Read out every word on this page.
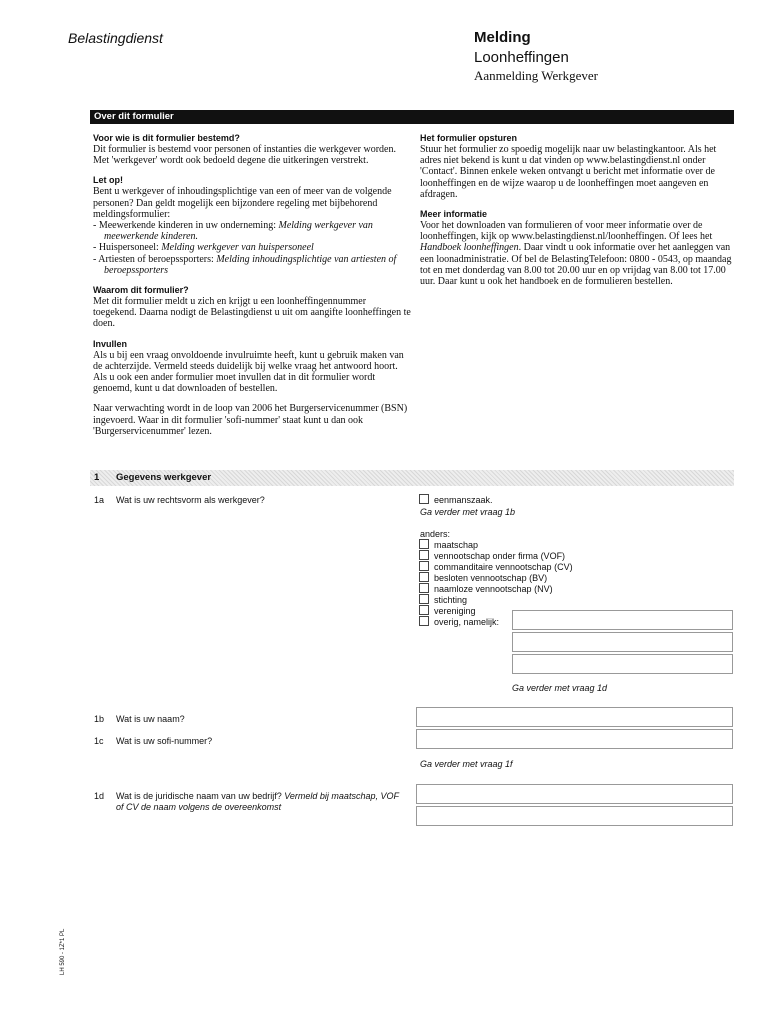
Belastingdienst	Melding
Loonheffingen
Aanmelding Werkgever
Over dit formulier
Voor wie is dit formulier bestemd?

Dit formulier is bestemd voor personen of instanties die werkgever worden. Met 'werkgever' wordt ook bedoeld degene die uitkeringen verstrekt.

Let op!

Bent u werkgever of inhoudingsplichtige van een of meer van de volgende personen? Dan geldt mogelijk een bijzondere regeling met bijbehorend meldingsformulier:

- Meewerkende kinderen in uw onderneming: Melding werkgever van meewerkende kinderen.
- Huispersoneel: Melding werkgever van huispersoneel
- Artiesten of beroepssporters: Melding inhoudingsplichtige van artiesten of beroepssporters
Waarom dit formulier?

Met dit formulier meldt u zich en krijgt u een loonheffingennummer toegekend. Daarna nodigt de Belastingdienst u uit om aangifte loonheffingen te doen.

Invullen

Als u bij een vraag onvoldoende invulruimte heeft, kunt u gebruik maken van de achterzijde. Vermeld steeds duidelijk bij welke vraag het antwoord hoort. Als u ook een ander formulier moet invullen dat in dit formulier wordt genoemd, kunt u dat downloaden of bestellen.

Naar verwachting wordt in de loop van 2006 het Burgerservicenummer (BSN) ingevoerd. Waar in dit formulier 'sofi-nummer' staat kunt u dan ook 'Burgerservicenummer' lezen.

Het formulier opsturen

Stuur het formulier zo spoedig mogelijk naar uw belastingkantoor. Als het adres niet bekend is kunt u dat vinden op www.belastingdienst.nl onder 'Contact'. Binnen enkele weken ontvangt u bericht met informatie over de loonheffingen en de wijze waarop u de loonheffingen moet aangeven en afdragen.

Meer informatie

Voor het downloaden van formulieren of voor meer informatie over de loonheffingen, kijk op www.belastingdienst.nl/loonheffingen. Of lees het Handboek loonheffingen. Daar vindt u ook informatie over het aanleggen van een loonadministratie. Of bel de BelastingTelefoon: 0800 - 0543, op maandag tot en met donderdag van 8.00 tot 20.00 uur en op vrijdag van 8.00 tot 17.00 uur. Daar kunt u ook het handboek en de formulieren bestellen.

1 Gegevens werkgever
1a Wat is uw rechtsvorm als werkgever?	eenmanszaak.
Ga verder met vraag 1b
anders:
maatschap
vennootschap onder firma (VOF)
commanditaire vennootschap (CV)
besloten vennootschap (BV)
naamloze vennootschap (NV)
stichting
vereniging
overig, namelijk:
Ga verder met vraag 1d
1b Wat is uw naam?
1c Wat is uw sofi-nummer?
Ga verder met vraag 1f
1d Wat is de juridische naam van uw bedrijf? Vermeld bij maatschap, VOF of CV de naam volgens de overeenkomst
LH 590 - 1Z*1 PL
